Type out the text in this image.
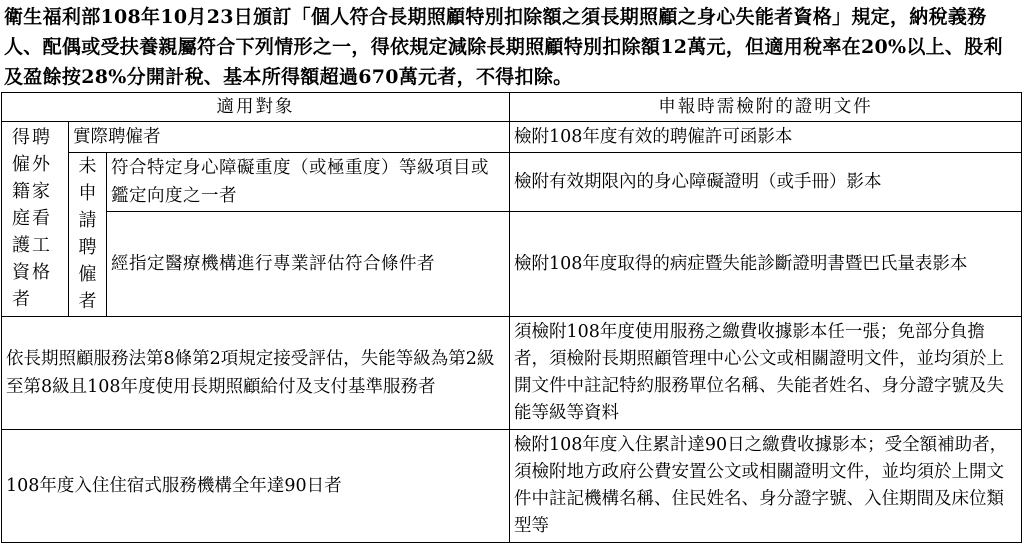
衛生福利部108年10月23日頒訂「個人符合長期照顧特別扣除額之須長期照顧之身心失能者資格」規定，納稅義務人、配偶或受扶養親屬符合下列情形之一，得依規定減除長期照顧特別扣除額12萬元，但適用稅率在20%以上、股利及盈餘按28%分開計稅、基本所得額超過670萬元者，不得扣除。
適用對象			申報時需檢附的證明文件
得聘僱外籍家庭看護工資格者	實際聘僱者		檢附108年度有效的聘僱許可函影本
	未申請聘僱者	符合特定身心障礙重度（或極重度）等級項目或鑑定向度之一者	檢附有效期限內的身心障礙證明（或手冊）影本
		經指定醫療機構進行專業評估符合條件者	檢附108年度取得的病症暨失能診斷證明書暨巴氏量表影本
依長期照顧服務法第8條第2項規定接受評估，失能等級為第2級至第8級且108年度使用長期照顧給付及支付基準服務者			須檢附108年度使用服務之繳費收據影本任一張；免部分負擔者，須檢附長期照顧管理中心公文或相關證明文件，並均須於上開文件中註記特約服務單位名稱、失能者姓名、身分證字號及失能等級等資料
108年度入住住宿式服務機構全年達90日者			檢附108年度入住累計達90日之繳費收據影本；受全額補助者，須檢附地方政府公費安置公文或相關證明文件，並均須於上開文件中註記機構名稱、住民姓名、身分證字號、入住期間及床位類型等
